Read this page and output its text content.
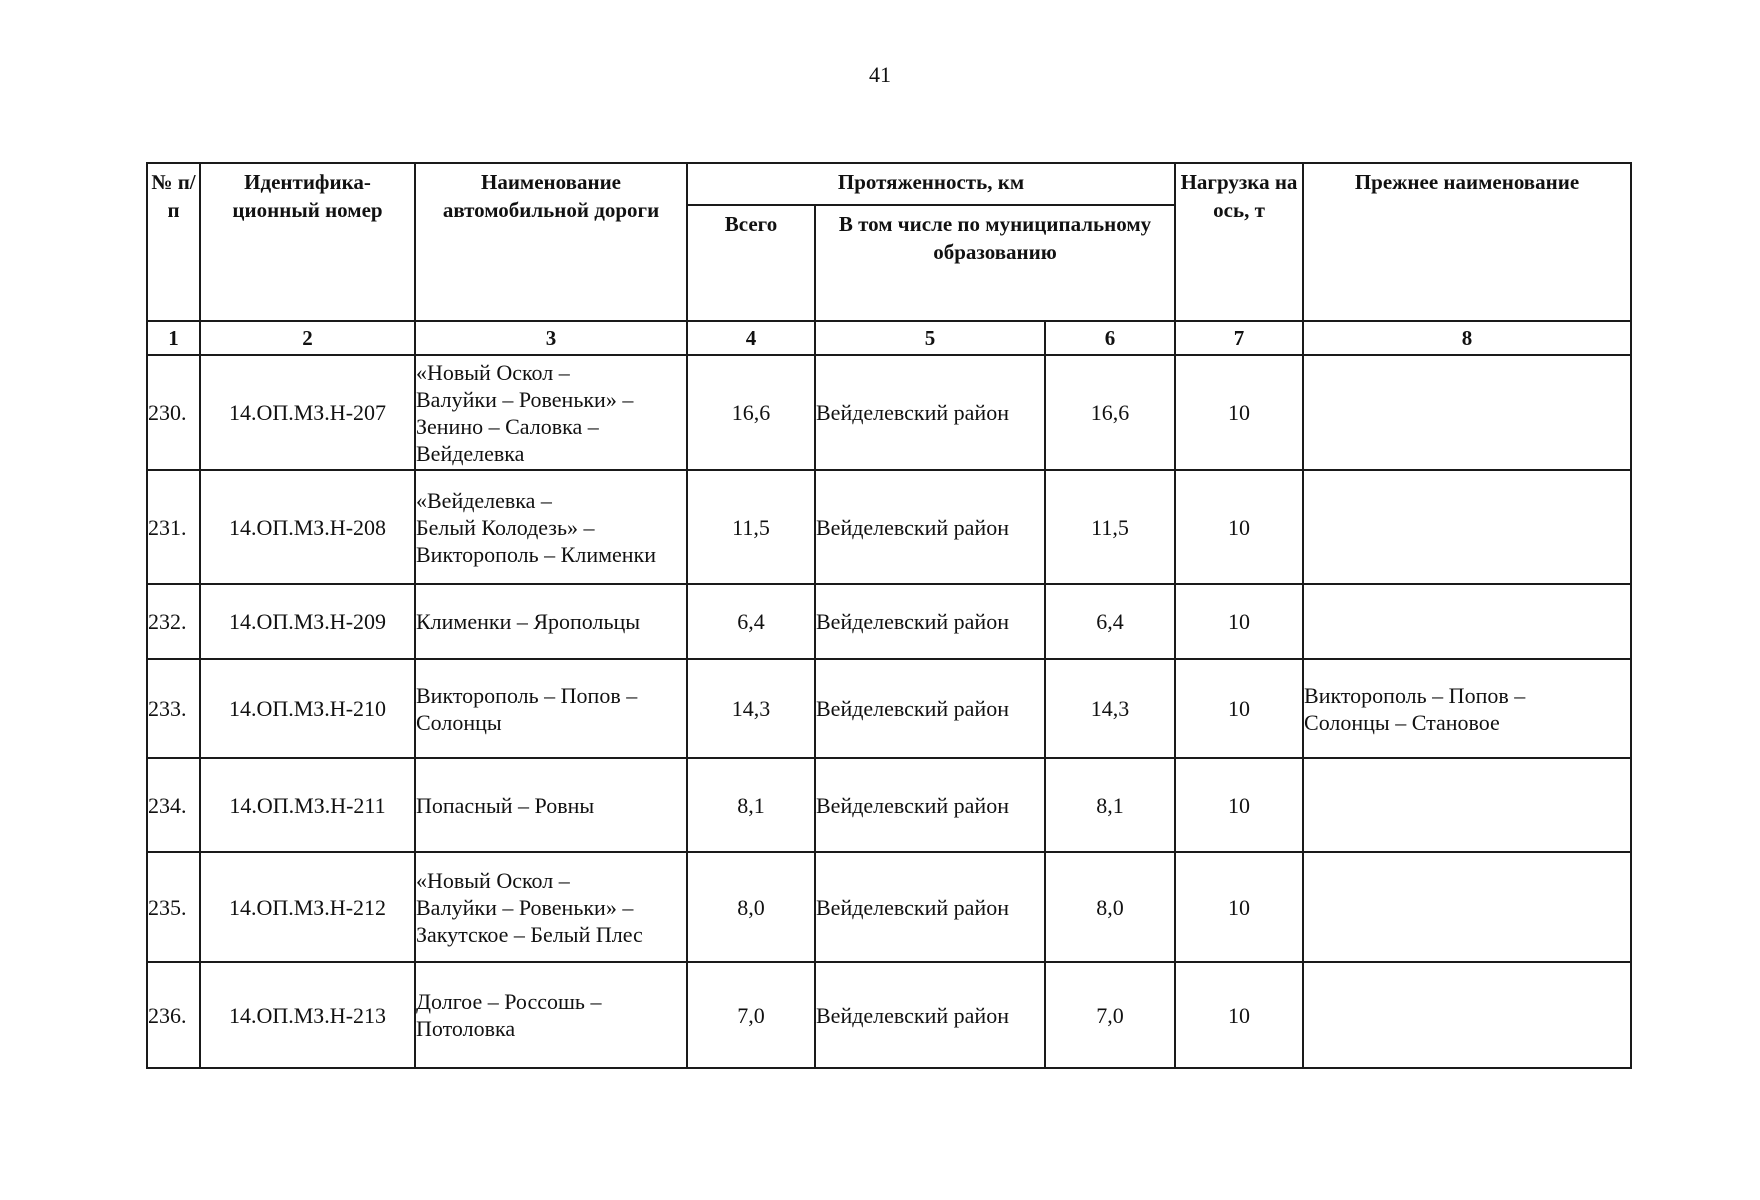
41
№ п/п	Идентифика-ционный номер	Наименование автомобильной дороги	Протяженность, км			Нагрузка на ось, т	Прежнее наименование
			Всего	В том числе по муниципальному образованию			
1	2	3	4	5	6	7	8
230.	14.ОП.МЗ.Н-207	«Новый Оскол –
Валуйки – Ровеньки» –
Зенино – Саловка –
Вейделевка	16,6	Вейделевский район	16,6	10	
231.	14.ОП.МЗ.Н-208	«Вейделевка –
Белый Колодезь» –
Викторополь – Клименки	11,5	Вейделевский район	11,5	10	
232.	14.ОП.МЗ.Н-209	Клименки – Яропольцы	6,4	Вейделевский район	6,4	10	
233.	14.ОП.МЗ.Н-210	Викторополь – Попов –
Солонцы	14,3	Вейделевский район	14,3	10	Викторополь – Попов –
Солонцы – Становое
234.	14.ОП.МЗ.Н-211	Попасный – Ровны	8,1	Вейделевский район	8,1	10	
235.	14.ОП.МЗ.Н-212	«Новый Оскол –
Валуйки – Ровеньки» –
Закутское – Белый Плес	8,0	Вейделевский район	8,0	10	
236.	14.ОП.МЗ.Н-213	Долгое – Россошь –
Потоловка	7,0	Вейделевский район	7,0	10	
